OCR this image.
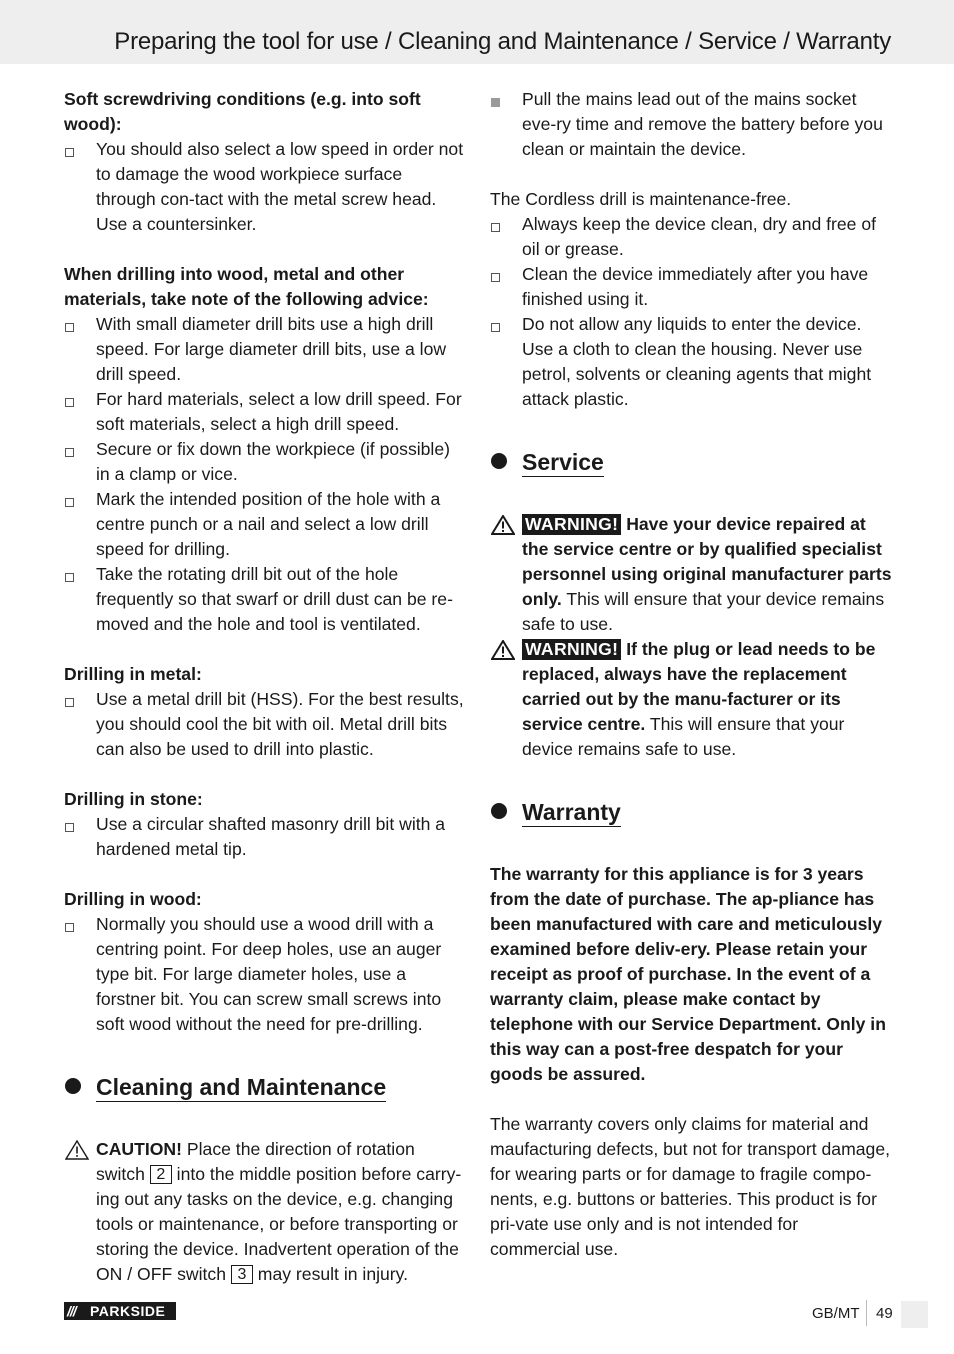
Preparing the tool for use / Cleaning and Maintenance / Service / Warranty
Soft screwdriving conditions (e.g. into soft wood):
You should also select a low speed in order not to damage the wood workpiece surface through con-tact with the metal screw head. Use a countersinker.
When drilling into wood, metal and other materials, take note of the following advice:
With small diameter drill bits use a high drill speed. For large diameter drill bits, use a low drill speed.
For hard materials, select a low drill speed. For soft materials, select a high drill speed.
Secure or fix down the workpiece (if possible) in a clamp or vice.
Mark the intended position of the hole with a centre punch or a nail and select a low drill speed for drilling.
Take the rotating drill bit out of the hole frequently so that swarf or drill dust can be re-moved and the hole and tool is ventilated.
Drilling in metal:
Use a metal drill bit (HSS). For the best results, you should cool the bit with oil. Metal drill bits can also be used to drill into plastic.
Drilling in stone:
Use a circular shafted masonry drill bit with a hardened metal tip.
Drilling in wood:
Normally you should use a wood drill with a centring point. For deep holes, use an auger type bit. For large diameter holes, use a forstner bit. You can screw small screws into soft wood without the need for pre-drilling.
Cleaning and Maintenance
CAUTION! Place the direction of rotation switch 2 into the middle position before carry-ing out any tasks on the device, e.g. changing tools or maintenance, or before transporting or storing the device. Inadvertent operation of the ON / OFF switch 3 may result in injury.
Pull the mains lead out of the mains socket eve-ry time and remove the battery before you clean or maintain the device.
The Cordless drill is maintenance-free.
Always keep the device clean, dry and free of oil or grease.
Clean the device immediately after you have finished using it.
Do not allow any liquids to enter the device. Use a cloth to clean the housing. Never use petrol, solvents or cleaning agents that might attack plastic.
Service
WARNING! Have your device repaired at the service centre or by qualified specialist personnel using original manufacturer parts only. This will ensure that your device remains safe to use.
WARNING! If the plug or lead needs to be replaced, always have the replacement carried out by the manu-facturer or its service centre. This will ensure that your device remains safe to use.
Warranty
The warranty for this appliance is for 3 years from the date of purchase. The ap-pliance has been manufactured with care and meticulously examined before deliv-ery. Please retain your receipt as proof of purchase. In the event of a warranty claim, please make contact by telephone with our Service Department. Only in this way can a post-free despatch for your goods be assured.
The warranty covers only claims for material and maufacturing defects, but not for transport damage, for wearing parts or for damage to fragile compo-nents, e.g. buttons or batteries. This product is for pri-vate use only and is not intended for commercial use.
/// PARKSIDE	GB/MT 49
